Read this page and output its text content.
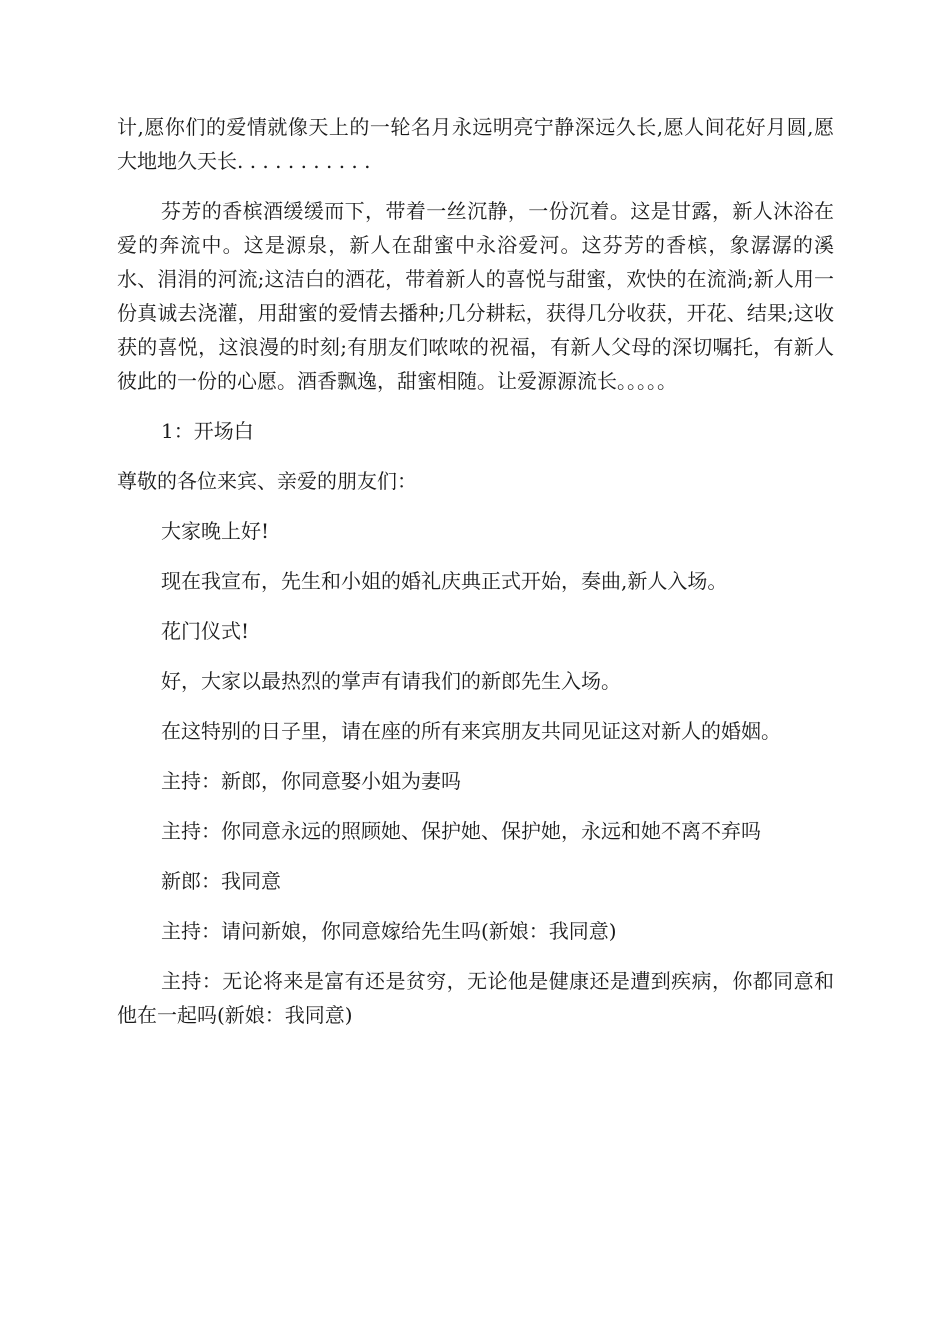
计,愿你们的爱情就像天上的一轮名月永远明亮宁静深远久长,愿人间花好月圆,愿大地地久天长. . . . . . . . . . .

芬芳的香槟酒缓缓而下，带着一丝沉静，一份沉着。这是甘露，新人沐浴在爱的奔流中。这是源泉，新人在甜蜜中永浴爱河。这芬芳的香槟，象潺潺的溪水、涓涓的河流;这洁白的酒花，带着新人的喜悦与甜蜜，欢快的在流淌;新人用一份真诚去浇灌，用甜蜜的爱情去播种;几分耕耘，获得几分收获，开花、结果;这收获的喜悦，这浪漫的时刻;有朋友们哝哝的祝福，有新人父母的深切嘱托，有新人彼此的一份的心愿。酒香飘逸，甜蜜相随。让爱源源流长。。。。。

1：开场白

尊敬的各位来宾、亲爱的朋友们：

大家晚上好!

现在我宣布，先生和小姐的婚礼庆典正式开始，奏曲,新人入场。

花门仪式!

好，大家以最热烈的掌声有请我们的新郎先生入场。

在这特别的日子里，请在座的所有来宾朋友共同见证这对新人的婚姻。

主持：新郎，你同意娶小姐为妻吗

主持：你同意永远的照顾她、保护她、保护她，永远和她不离不弃吗

新郎：我同意

主持：请问新娘，你同意嫁给先生吗(新娘：我同意)

主持：无论将来是富有还是贫穷，无论他是健康还是遭到疾病，你都同意和他在一起吗(新娘：我同意)
